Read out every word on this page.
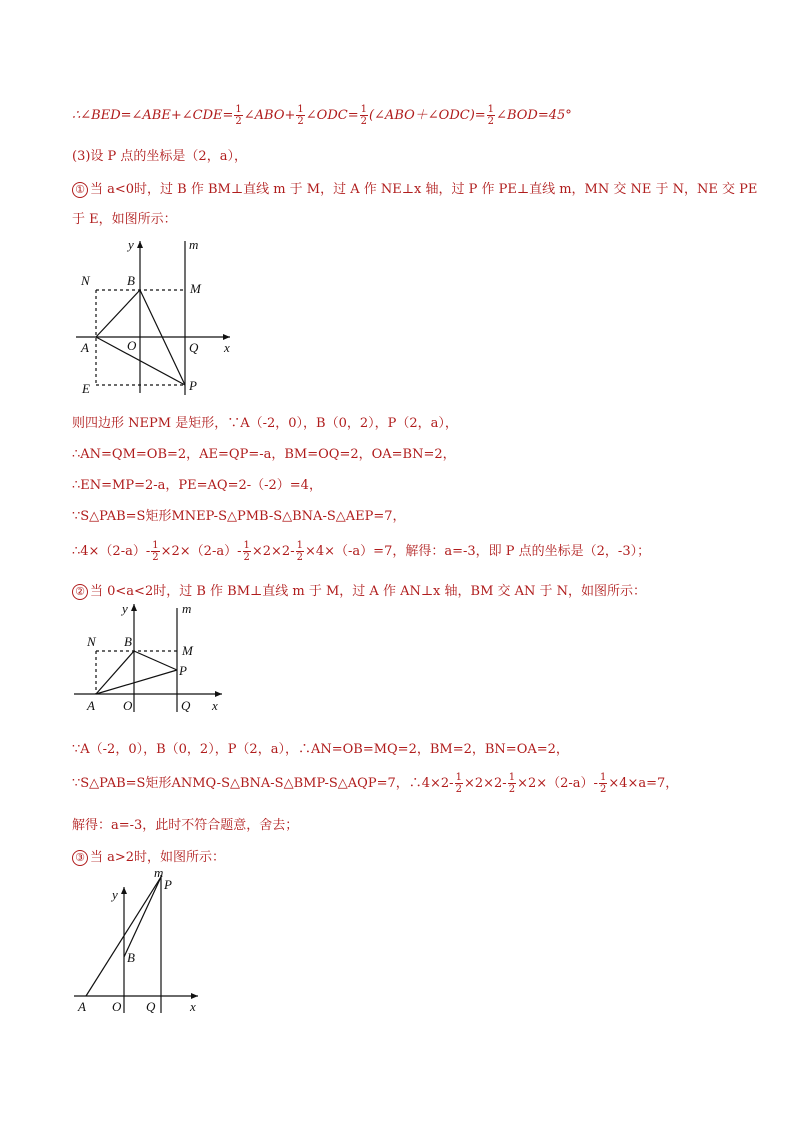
∴∠BED=∠ABE+∠CDE= $\frac{1}{2}$ ∠ABO+ $\frac{1}{2}$ ∠ODC= $\frac{1}{2}$ (∠ABO＋∠ODC)= $\frac{1}{2}$ ∠BOD=45°
(3)设 P 点的坐标是（2，a），
① 当 a<0时，过 B 作 BM⊥直线 m 于 M，过 A 作 NE⊥x 轴，过 P 作 PE⊥直线 m，MN 交 NE 于 N，NE 交 PE
于 E，如图所示：
y	m
N	B
M
A	O	Q x
E	P
则四边形 NEPM 是矩形，∵A（-2，0），B（0，2），P（2，a），
∴AN=QM=OB=2，AE=QP=-a，BM=OQ=2，OA=BN=2，
∴EN=MP=2-a，PE=AQ=2-（-2）=4，
∵S△PAB=S矩形MNEP-S△PMB-S△BNA-S△AEP=7，
∴4×（2-a）- $\frac{1}{2} \times 2\times(2-a)- \frac{1}{2} \times 2\times 2- \frac{1}{2} \times 4\times(-a)=7$，解得：a=-3，即 P 点的坐标是（2，-3）；
② 当 0<a<2时，过 B 作 BM⊥直线 m 于 M，过 A 作 AN⊥x 轴，BM 交 AN 于 N，如图所示：
y	m
N B
M
P
A O	Q x
∵A（-2，0），B（0，2），P（2，a），∴AN=OB=MQ=2，BM=2，BN=OA=2，
∵S△PAB=S矩形ANMQ-S△BNA-S△BMP-S△AQP=7，∴4×2- $\frac{1}{2} \times 2\times 2- \frac{1}{2} \times 2\times(2-a)- \frac{1}{2} \times 4\times a=7$，
解得：a=-3，此时不符合题意，舍去；
③ 当 a>2时，如图所示：
m
P
y
B
A O Q	x
